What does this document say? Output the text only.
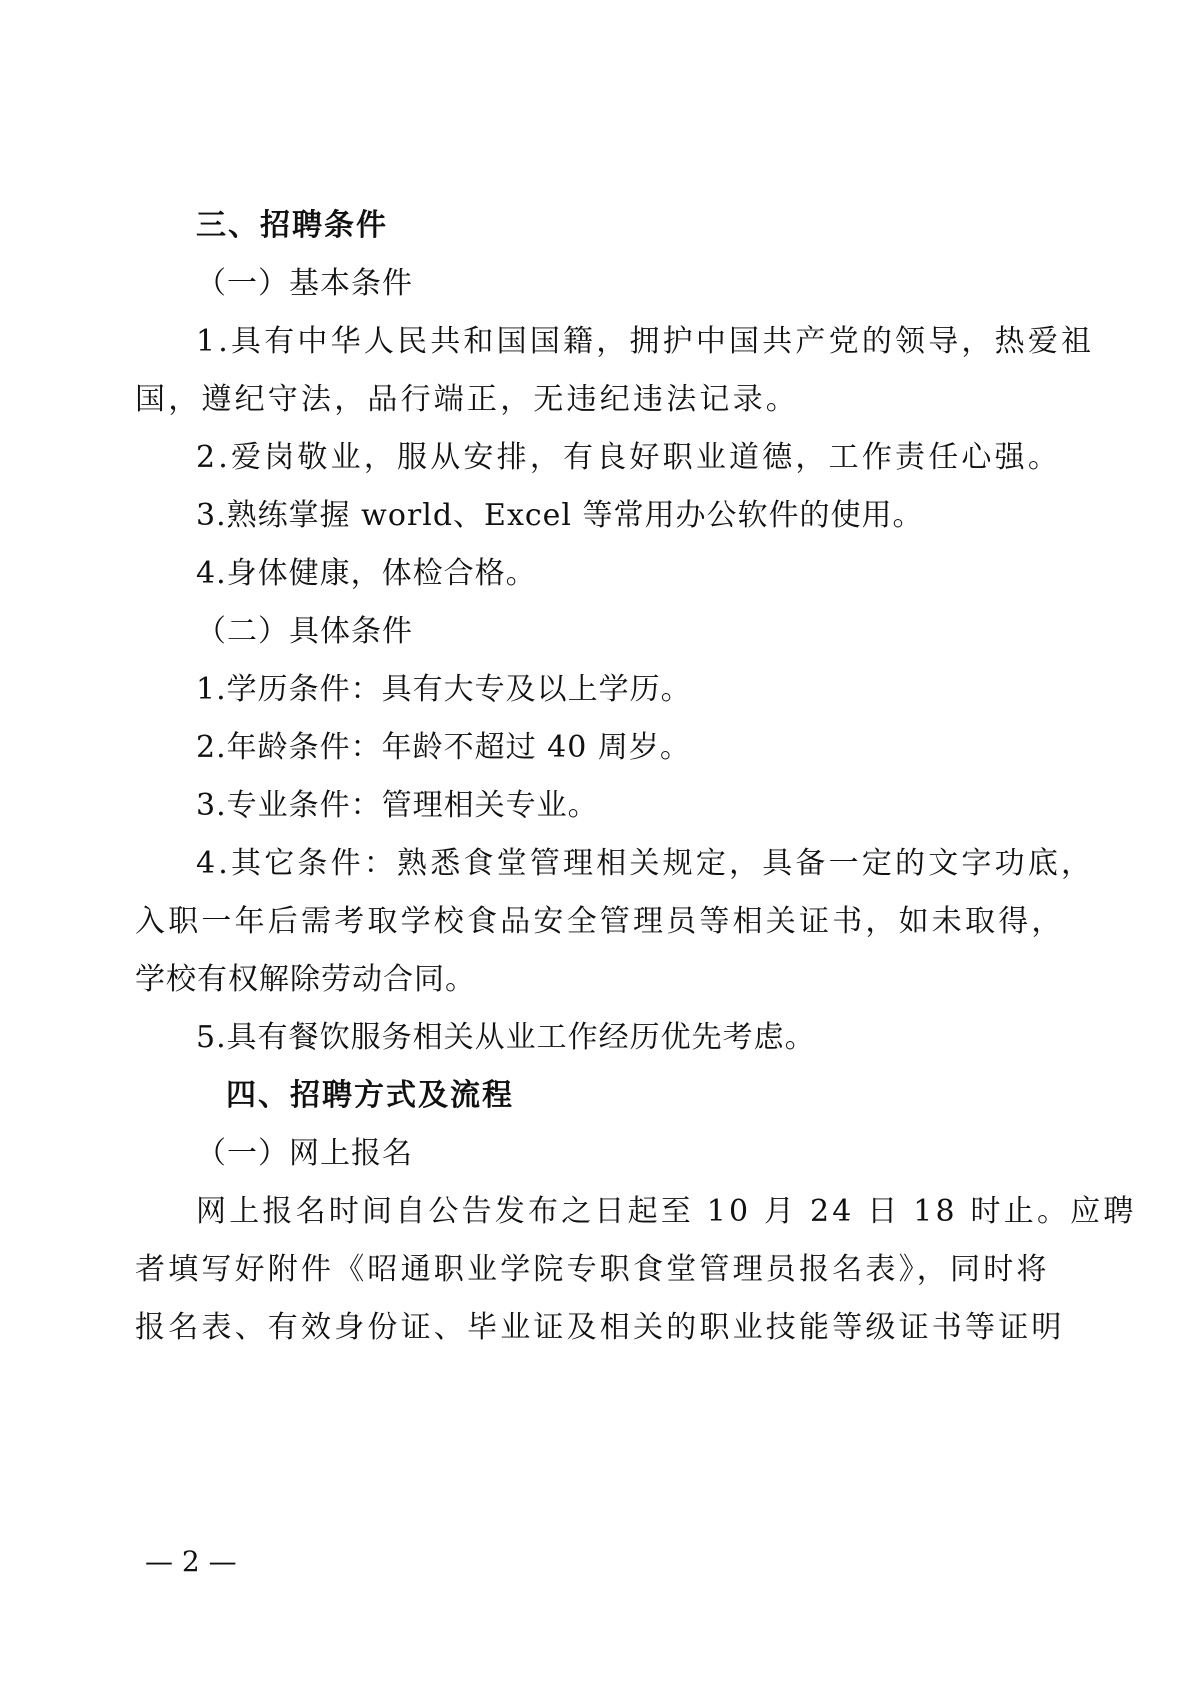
三、招聘条件
（一）基本条件
1.具有中华人民共和国国籍，拥护中国共产党的领导，热爱祖
国，遵纪守法，品行端正，无违纪违法记录。
2.爱岗敬业，服从安排，有良好职业道德，工作责任心强。
3.熟练掌握 world、Excel 等常用办公软件的使用。
4.身体健康，体检合格。
（二）具体条件
1.学历条件：具有大专及以上学历。
2.年龄条件：年龄不超过 40 周岁。
3.专业条件：管理相关专业。
4.其它条件：熟悉食堂管理相关规定，具备一定的文字功底，
入职一年后需考取学校食品安全管理员等相关证书，如未取得，
学校有权解除劳动合同。
5.具有餐饮服务相关从业工作经历优先考虑。
四、招聘方式及流程
（一）网上报名
网上报名时间自公告发布之日起至 10 月 24 日 18 时止。应聘
者填写好附件《昭通职业学院专职食堂管理员报名表》，同时将
报名表、有效身份证、毕业证及相关的职业技能等级证书等证明
— 2 —
